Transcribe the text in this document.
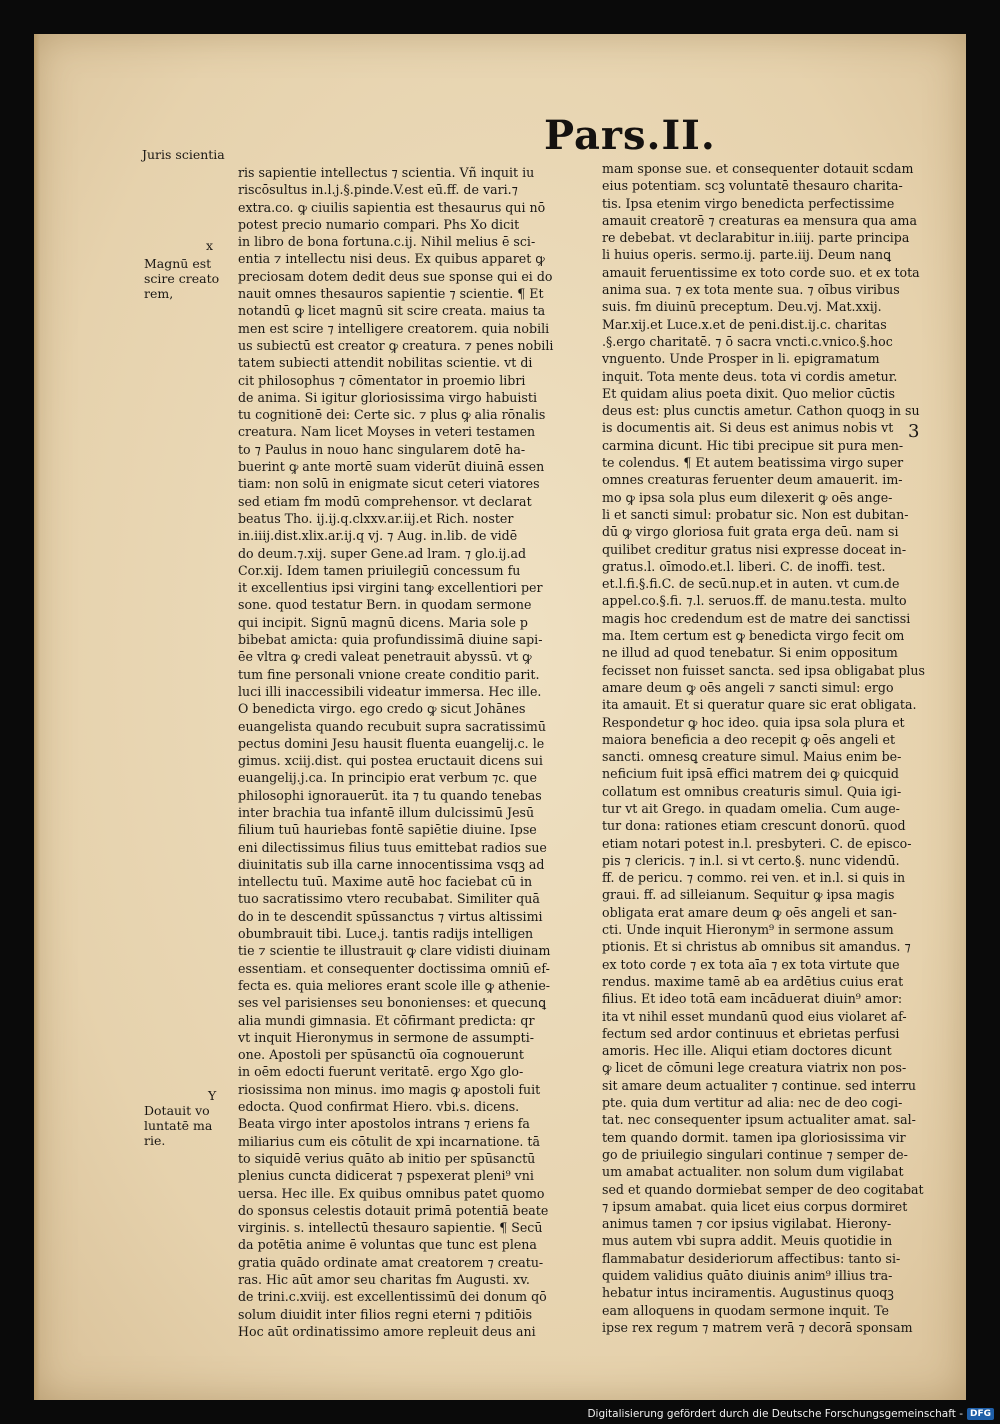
Pars.II.
Juris scientia
x
Magnū est
scire creato
rem,
3
Y
Dotauit vo
luntatē ma
rie.
ris sapientie intellectus ⁊ scientia. Vñ inquit iu
riscōsultus in.l.j.§.pinde.V.est eū.ff. de vari.⁊
extra.co. ꝙ ciuilis sapientia est thesaurus qui nō
potest precio numario compari. Phs Xo dicit
in libro de bona fortuna.c.ij. Nihil melius ē sci-
entia ⁊ intellectu nisi deus. Ex quibus apparet ꝙ
preciosam dotem dedit deus sue sponse qui ei do
nauit omnes thesauros sapientie ⁊ scientie. ¶ Et
notandū ꝙ licet magnū sit scire creata. maius ta
men est scire ⁊ intelligere creatorem. quia nobili
us subiectū est creator ꝙ creatura. ⁊ penes nobili
tatem subiecti attendit nobilitas scientie. vt di
cit philosophus ⁊ cōmentator in proemio libri
de anima. Si igitur gloriosissima virgo habuisti
tu cognitionē dei: Certe sic. ⁊ plus ꝙ alia rōnalis
creatura. Nam licet Moyses in veteri testamen
to ⁊ Paulus in nouo hanc singularem dotē ha-
buerint ꝙ ante mortē suam viderūt diuinā essen
tiam: non solū in enigmate sicut ceteri viatores
sed etiam fm modū comprehensor. vt declarat
beatus Tho. ij.ij.q.clxxv.ar.iij.et Rich. noster
in.iiij.dist.xlix.ar.ij.q vj. ⁊ Aug. in.lib. de vidē
do deum.⁊.xij. super Gene.ad lram. ⁊ glo.ij.ad
Cor.xij. Idem tamen priuilegiū concessum fu
it excellentius ipsi virgini tanꝙ excellentiori per
sone. quod testatur Bern. in quodam sermone
qui incipit. Signū magnū dicens. Maria sole p
bibebat amicta: quia profundissimā diuine sapi-
ēe vltra ꝙ credi valeat penetrauit abyssū. vt ꝙ
tum fine personali vnione create conditio parit.
luci illi inaccessibili videatur immersa. Hec ille.
O benedicta virgo. ego credo ꝙ sicut Johānes
euangelista quando recubuit supra sacratissimū
pectus domini Jesu hausit fluenta euangelij.c. le
gimus. xciij.dist. qui postea eructauit dicens sui
euangelij.j.ca. In principio erat verbum ⁊c. que
philosophi ignorauerūt. ita ⁊ tu quando tenebas
inter brachia tua infantē illum dulcissimū Jesū
filium tuū hauriebas fontē sapiētie diuine. Ipse
eni dilectissimus filius tuus emittebat radios sue
diuinitatis sub illa carne innocentissima vsqꝫ ad
intellectu tuū. Maxime autē hoc faciebat cū in
tuo sacratissimo vtero recubabat. Similiter quā
do in te descendit spūssanctus ⁊ virtus altissimi
obumbrauit tibi. Luce.j. tantis radijs intelligen
tie ⁊ scientie te illustrauit ꝙ clare vidisti diuinam
essentiam. et consequenter doctissima omniū ef-
fecta es. quia meliores erant scole ille ꝙ athenie-
ses vel parisienses seu bononienses: et quecunꝗ
alia mundi gimnasia. Et cōfirmant predicta: qr
vt inquit Hieronymus in sermone de assumpti-
one. Apostoli per spūsanctū oīa cognouerunt
in oēm edocti fuerunt veritatē. ergo Xgo glo-
riosissima non minus. imo magis ꝙ apostoli fuit
edocta. Quod confirmat Hiero. vbi.s. dicens.
Beata virgo inter apostolos intrans ⁊ eriens fa
miliarius cum eis cōtulit de xpi incarnatione. tā
to siquidē verius quāto ab initio per spūsanctū
plenius cuncta didicerat ⁊ pspexerat pleni⁹ vni
uersa. Hec ille. Ex quibus omnibus patet quomo
do sponsus celestis dotauit primā potentiā beate
virginis. s. intellectū thesauro sapientie. ¶ Secū
da potētia anime ē voluntas que tunc est plena
gratia quādo ordinate amat creatorem ⁊ creatu-
ras. Hic aūt amor seu charitas fm Augusti. xv.
de trini.c.xviij. est excellentissimū dei donum qō
solum diuidit inter filios regni eterni ⁊ pditiōis
Hoc aūt ordinatissimo amore repleuit deus ani
mam sponse sue. et consequenter dotauit scdam
eius potentiam. scꝫ voluntatē thesauro charita-
tis. Ipsa etenim virgo benedicta perfectissime
amauit creatorē ⁊ creaturas ea mensura qua ama
re debebat. vt declarabitur in.iiij. parte principa
li huius operis. sermo.ij. parte.iij. Deum nanꝗ
amauit feruentissime ex toto corde suo. et ex tota
anima sua. ⁊ ex tota mente sua. ⁊ oībus viribus
suis. fm diuinū preceptum. Deu.vj. Mat.xxij.
Mar.xij.et Luce.x.et de peni.dist.ij.c. charitas
.§.ergo charitatē. ⁊ ō sacra vncti.c.vnico.§.hoc
vnguento. Unde Prosper in li. epigramatum
inquit. Tota mente deus. tota vi cordis ametur.
Et quidam alius poeta dixit. Quo melior cūctis
deus est: plus cunctis ametur. Cathon quoqꝫ in su
is documentis ait. Si deus est animus nobis vt
carmina dicunt. Hic tibi precipue sit pura men-
te colendus. ¶ Et autem beatissima virgo super
omnes creaturas feruenter deum amauerit. im-
mo ꝙ ipsa sola plus eum dilexerit ꝙ oēs ange-
li et sancti simul: probatur sic. Non est dubitan-
dū ꝙ virgo gloriosa fuit grata erga deū. nam si
quilibet creditur gratus nisi expresse doceat in-
gratus.l. oīmodo.et.l. liberi. C. de inoffi. test.
et.l.fi.§.fi.C. de secū.nup.et in auten. vt cum.de
appel.co.§.fi. ⁊.l. seruos.ff. de manu.testa. multo
magis hoc credendum est de matre dei sanctissi
ma. Item certum est ꝙ benedicta virgo fecit om
ne illud ad quod tenebatur. Si enim oppositum
fecisset non fuisset sancta. sed ipsa obligabat plus
amare deum ꝙ oēs angeli ⁊ sancti simul: ergo
ita amauit. Et si queratur quare sic erat obligata.
Respondetur ꝙ hoc ideo. quia ipsa sola plura et
maiora beneficia a deo recepit ꝙ oēs angeli et
sancti. omnesꝗ creature simul. Maius enim be-
neficium fuit ipsā effici matrem dei ꝙ quicquid
collatum est omnibus creaturis simul. Quia igi-
tur vt ait Grego. in quadam omelia. Cum auge-
tur dona: rationes etiam crescunt donorū. quod
etiam notari potest in.l. presbyteri. C. de episco-
pis ⁊ clericis. ⁊ in.l. si vt certo.§. nunc videndū.
ff. de pericu. ⁊ commo. rei ven. et in.l. si quis in
graui. ff. ad silleianum. Sequitur ꝙ ipsa magis
obligata erat amare deum ꝙ oēs angeli et san-
cti. Unde inquit Hieronym⁹ in sermone assum
ptionis. Et si christus ab omnibus sit amandus. ⁊
ex toto corde ⁊ ex tota aīa ⁊ ex tota virtute que
rendus. maxime tamē ab ea ardētius cuius erat
filius. Et ideo totā eam incāduerat diuin⁹ amor:
ita vt nihil esset mundanū quod eius violaret af-
fectum sed ardor continuus et ebrietas perfusi
amoris. Hec ille. Aliqui etiam doctores dicunt
ꝙ licet de cōmuni lege creatura viatrix non pos-
sit amare deum actualiter ⁊ continue. sed interru
pte. quia dum vertitur ad alia: nec de deo cogi-
tat. nec consequenter ipsum actualiter amat. sal-
tem quando dormit. tamen ipa gloriosissima vir
go de priuilegio singulari continue ⁊ semper de-
um amabat actualiter. non solum dum vigilabat
sed et quando dormiebat semper de deo cogitabat
⁊ ipsum amabat. quia licet eius corpus dormiret
animus tamen ⁊ cor ipsius vigilabat. Hierony-
mus autem vbi supra addit. Meuis quotidie in
flammabatur desideriorum affectibus: tanto si-
quidem validius quāto diuinis anim⁹ illius tra-
hebatur intus inciramentis. Augustinus quoqꝫ
eam alloquens in quodam sermone inquit. Te
ipse rex regum ⁊ matrem verā ⁊ decorā sponsam
Digitalisierung gefördert durch die Deutsche Forschungsgemeinschaft - DFG
